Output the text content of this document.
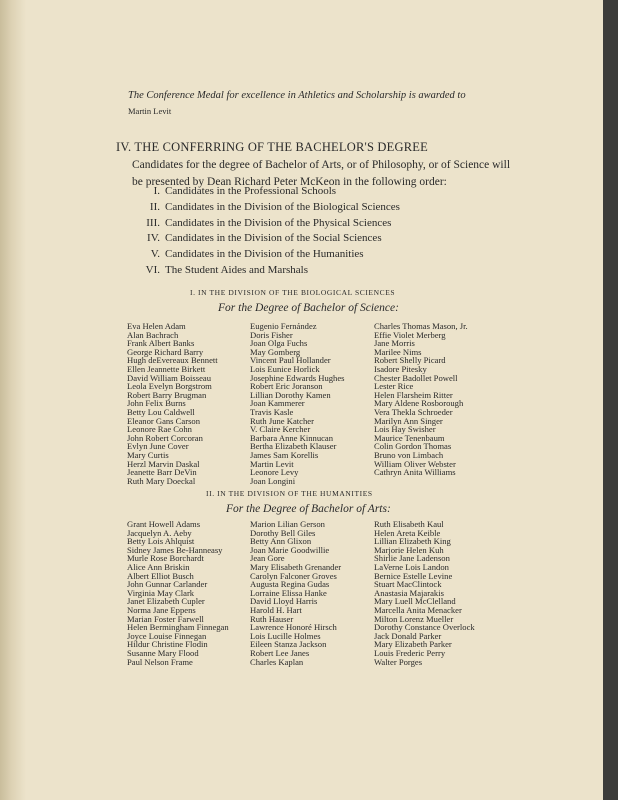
The Conference Medal for excellence in Athletics and Scholarship is awarded to
Martin Levit
IV. THE CONFERRING OF THE BACHELOR'S DEGREE
Candidates for the degree of Bachelor of Arts, or of Philosophy, or of Science will
be presented by Dean Richard Peter McKeon in the following order:
I. Candidates in the Professional Schools
II. Candidates in the Division of the Biological Sciences
III. Candidates in the Division of the Physical Sciences
IV. Candidates in the Division of the Social Sciences
V. Candidates in the Division of the Humanities
VI. The Student Aides and Marshals
I. IN THE DIVISION OF THE BIOLOGICAL SCIENCES
For the Degree of Bachelor of Science:
Eva Helen Adam
Alan Bachrach
Frank Albert Banks
George Richard Barry
Hugh deEvereaux Bennett
Ellen Jeannette Birkett
David William Boisseau
Leola Evelyn Borgstrom
Robert Barry Brugman
John Felix Burns
Betty Lou Caldwell
Eleanor Gans Carson
Leonore Rae Cohn
John Robert Corcoran
Evlyn June Cover
Mary Curtis
Herzl Marvin Daskal
Jeanette Barr DeVin
Ruth Mary Doeckal
Eugenio Fernández
Doris Fisher
Joan Olga Fuchs
May Gomberg
Vincent Paul Hollander
Lois Eunice Horlick
Josephine Edwards Hughes
Robert Eric Joranson
Lillian Dorothy Kamen
Joan Kammerer
Travis Kasle
Ruth June Katcher
V. Claire Kercher
Barbara Anne Kinnucan
Bertha Elizabeth Klauser
James Sam Korellis
Martin Levit
Leonore Levy
Joan Longini
Charles Thomas Mason, Jr.
Effie Violet Merberg
Jane Morris
Marilee Nims
Robert Shelly Picard
Isadore Pitesky
Chester Badollet Powell
Lester Rice
Helen Flarsheim Ritter
Mary Aldene Rosborough
Vera Thekla Schroeder
Marilyn Ann Singer
Lois Hay Swisher
Maurice Tenenbaum
Colin Gordon Thomas
Bruno von Limbach
William Oliver Webster
Cathryn Anita Williams
II. IN THE DIVISION OF THE HUMANITIES
For the Degree of Bachelor of Arts:
Grant Howell Adams
Jacquelyn A. Aeby
Betty Lois Ahlquist
Sidney James Be-Hanneasy
Murle Rose Borchardt
Alice Ann Briskin
Albert Elliot Busch
John Gunnar Carlander
Virginia May Clark
Janet Elizabeth Cupler
Norma Jane Eppens
Marian Foster Farwell
Helen Bermingham Finnegan
Joyce Louise Finnegan
Hildur Christine Flodin
Susanne Mary Flood
Paul Nelson Frame
Marion Lilian Gerson
Dorothy Bell Giles
Betty Ann Glixon
Joan Marie Goodwillie
Jean Gore
Mary Elisabeth Grenander
Carolyn Falconer Groves
Augusta Regina Gudas
Lorraine Elissa Hanke
David Lloyd Harris
Harold H. Hart
Ruth Hauser
Lawrence Honoré Hirsch
Lois Lucille Holmes
Eileen Stanza Jackson
Robert Lee Janes
Charles Kaplan
Ruth Elisabeth Kaul
Helen Areta Keible
Lillian Elizabeth King
Marjorie Helen Kuh
Shirlie Jane Ladenson
LaVerne Lois Landon
Bernice Estelle Levine
Stuart MacClintock
Anastasia Majarakis
Mary Luell McClelland
Marcella Anita Menacker
Milton Lorenz Mueller
Dorothy Constance Overlock
Jack Donald Parker
Mary Elizabeth Parker
Louis Frederic Perry
Walter Porges
